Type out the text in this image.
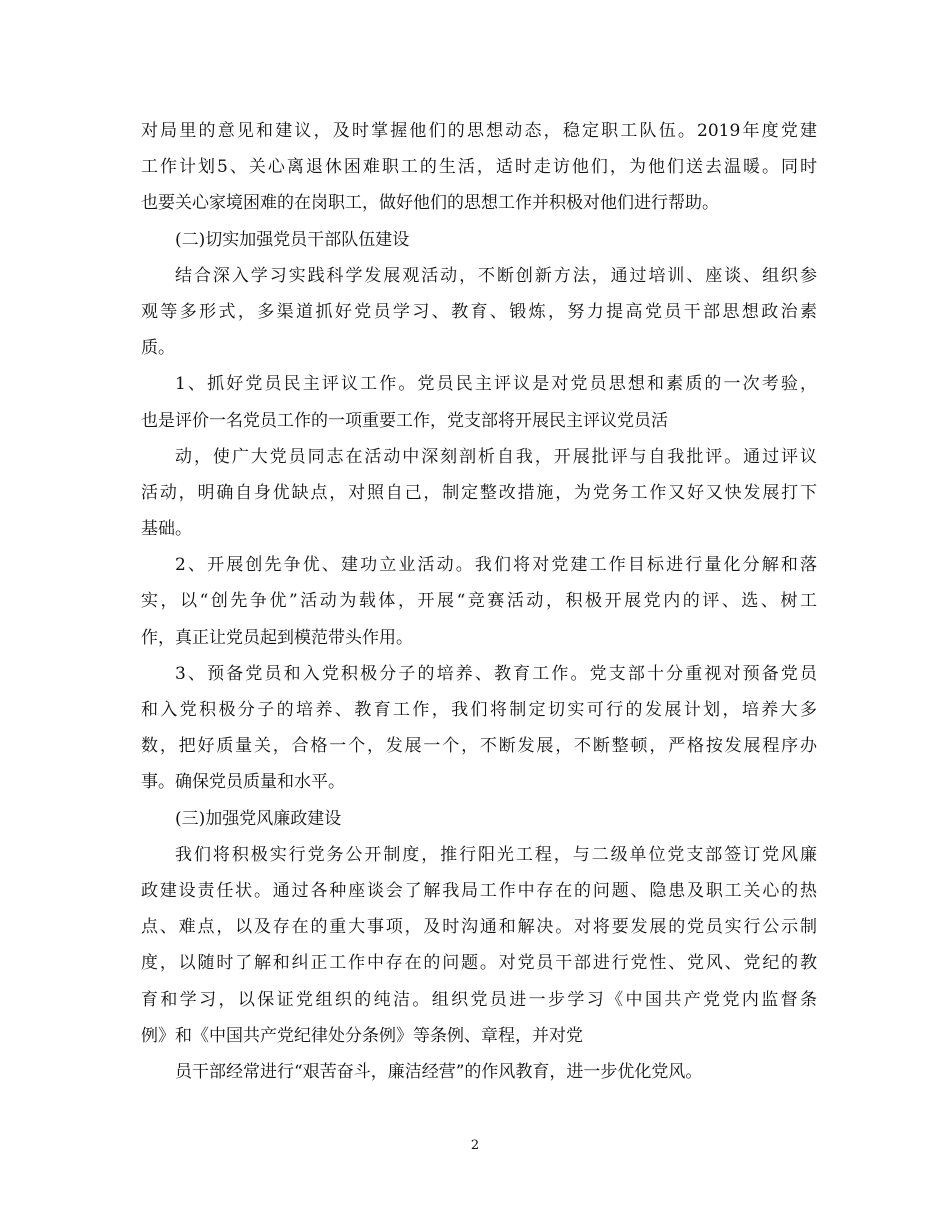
对局里的意见和建议，及时掌握他们的思想动态，稳定职工队伍。2019年度党建
工作计划5、关心离退休困难职工的生活，适时走访他们，为他们送去温暖。同时
也要关心家境困难的在岗职工，做好他们的思想工作并积极对他们进行帮助。
(二)切实加强党员干部队伍建设
结合深入学习实践科学发展观活动，不断创新方法，通过培训、座谈、组织参
观等多形式，多渠道抓好党员学习、教育、锻炼，努力提高党员干部思想政治素
质。
1、抓好党员民主评议工作。党员民主评议是对党员思想和素质的一次考验，
也是评价一名党员工作的一项重要工作，党支部将开展民主评议党员活
动，使广大党员同志在活动中深刻剖析自我，开展批评与自我批评。通过评议
活动，明确自身优缺点，对照自己，制定整改措施，为党务工作又好又快发展打下
基础。
2、开展创先争优、建功立业活动。我们将对党建工作目标进行量化分解和落
实，以“创先争优”活动为载体，开展“竞赛活动，积极开展党内的评、选、树工
作，真正让党员起到模范带头作用。
3、预备党员和入党积极分子的培养、教育工作。党支部十分重视对预备党员
和入党积极分子的培养、教育工作，我们将制定切实可行的发展计划，培养大多
数，把好质量关，合格一个，发展一个，不断发展，不断整顿，严格按发展程序办
事。确保党员质量和水平。
(三)加强党风廉政建设
我们将积极实行党务公开制度，推行阳光工程，与二级单位党支部签订党风廉
政建设责任状。通过各种座谈会了解我局工作中存在的问题、隐患及职工关心的热
点、难点，以及存在的重大事项，及时沟通和解决。对将要发展的党员实行公示制
度，以随时了解和纠正工作中存在的问题。对党员干部进行党性、党风、党纪的教
育和学习，以保证党组织的纯洁。组织党员进一步学习《中国共产党党内监督条
例》和《中国共产党纪律处分条例》等条例、章程，并对党
员干部经常进行“艰苦奋斗，廉洁经营”的作风教育，进一步优化党风。
2
